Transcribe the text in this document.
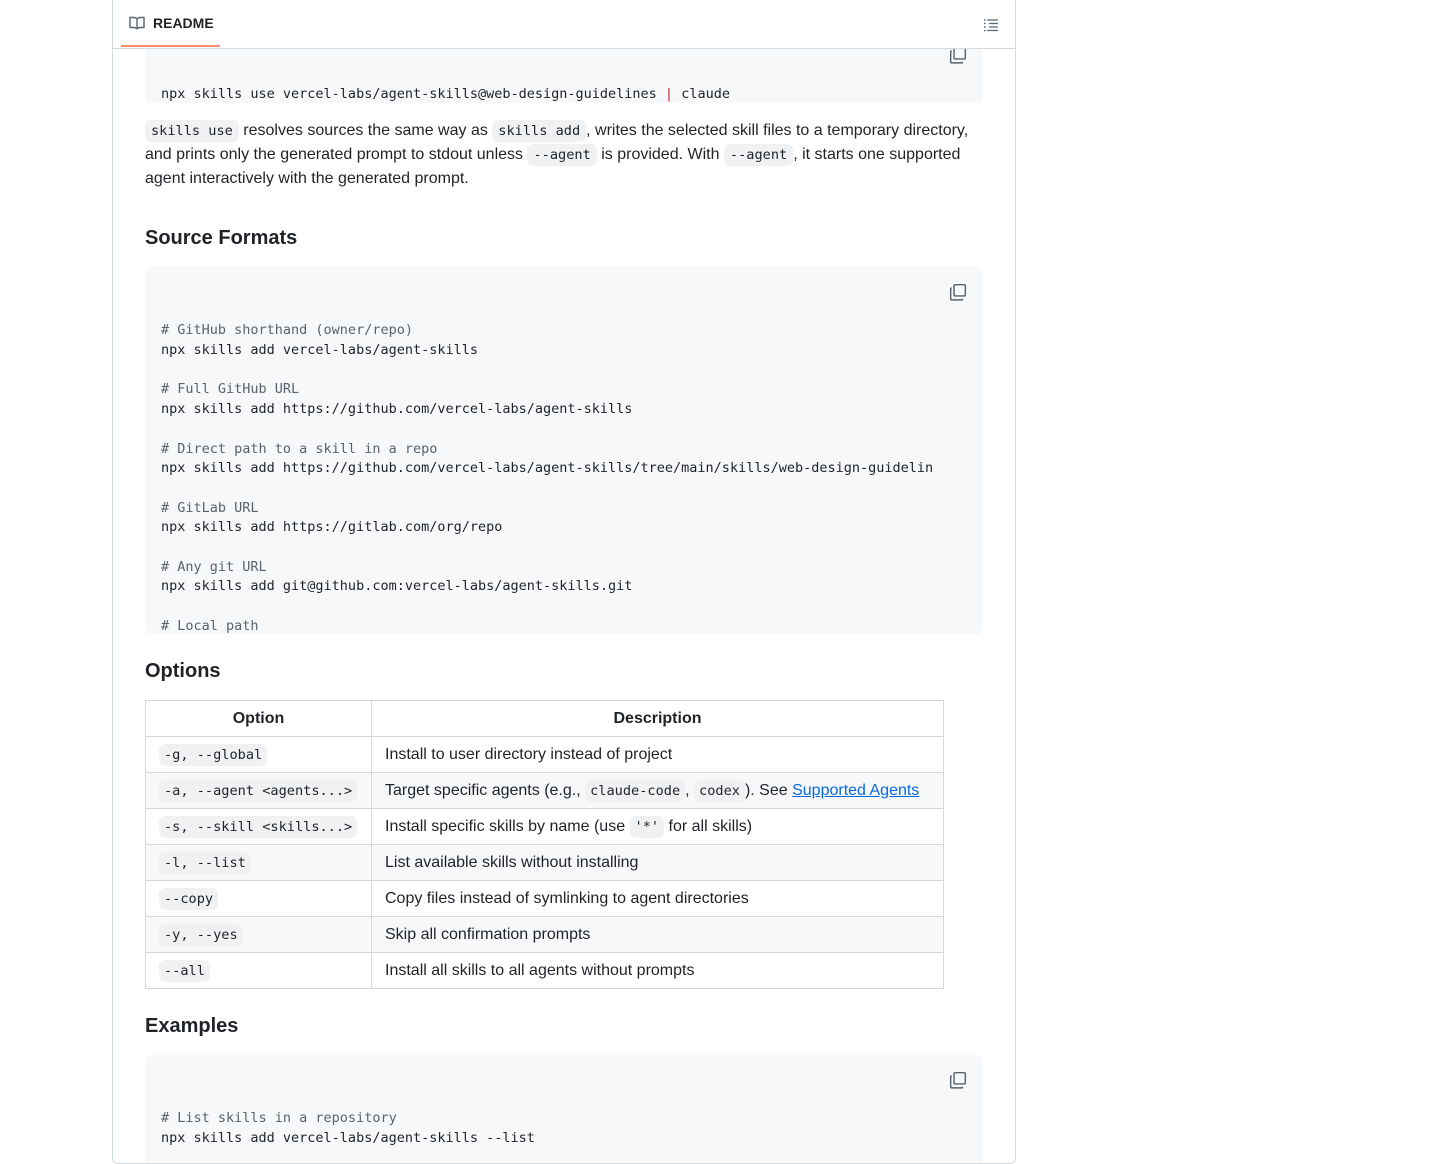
README

npx skills use vercel-labs/agent-skills@web-design-guidelines | claude

skills use resolves sources the same way as skills add , writes the selected skill files to a temporary directory, and prints only the generated prompt to stdout unless --agent is provided. With --agent , it starts one supported agent interactively with the generated prompt.

Source Formats

# GitHub shorthand (owner/repo)
npx skills add vercel-labs/agent-skills

# Full GitHub URL
npx skills add https://github.com/vercel-labs/agent-skills

# Direct path to a skill in a repo
npx skills add https://github.com/vercel-labs/agent-skills/tree/main/skills/web-design-guidelin

# GitLab URL
npx skills add https://gitlab.com/org/repo

# Any git URL
npx skills add git@github.com:vercel-labs/agent-skills.git

# Local path

Options
Option	Description
-g, --global	Install to user directory instead of project
-a, --agent <agents...>	Target specific agents (e.g., claude-code , codex ). See Supported Agents
-s, --skill <skills...>	Install specific skills by name (use '*' for all skills)
-l, --list	List available skills without installing
--copy	Copy files instead of symlinking to agent directories
-y, --yes	Skip all confirmation prompts
--all	Install all skills to all agents without prompts
Examples

# List skills in a repository
npx skills add vercel-labs/agent-skills --list
